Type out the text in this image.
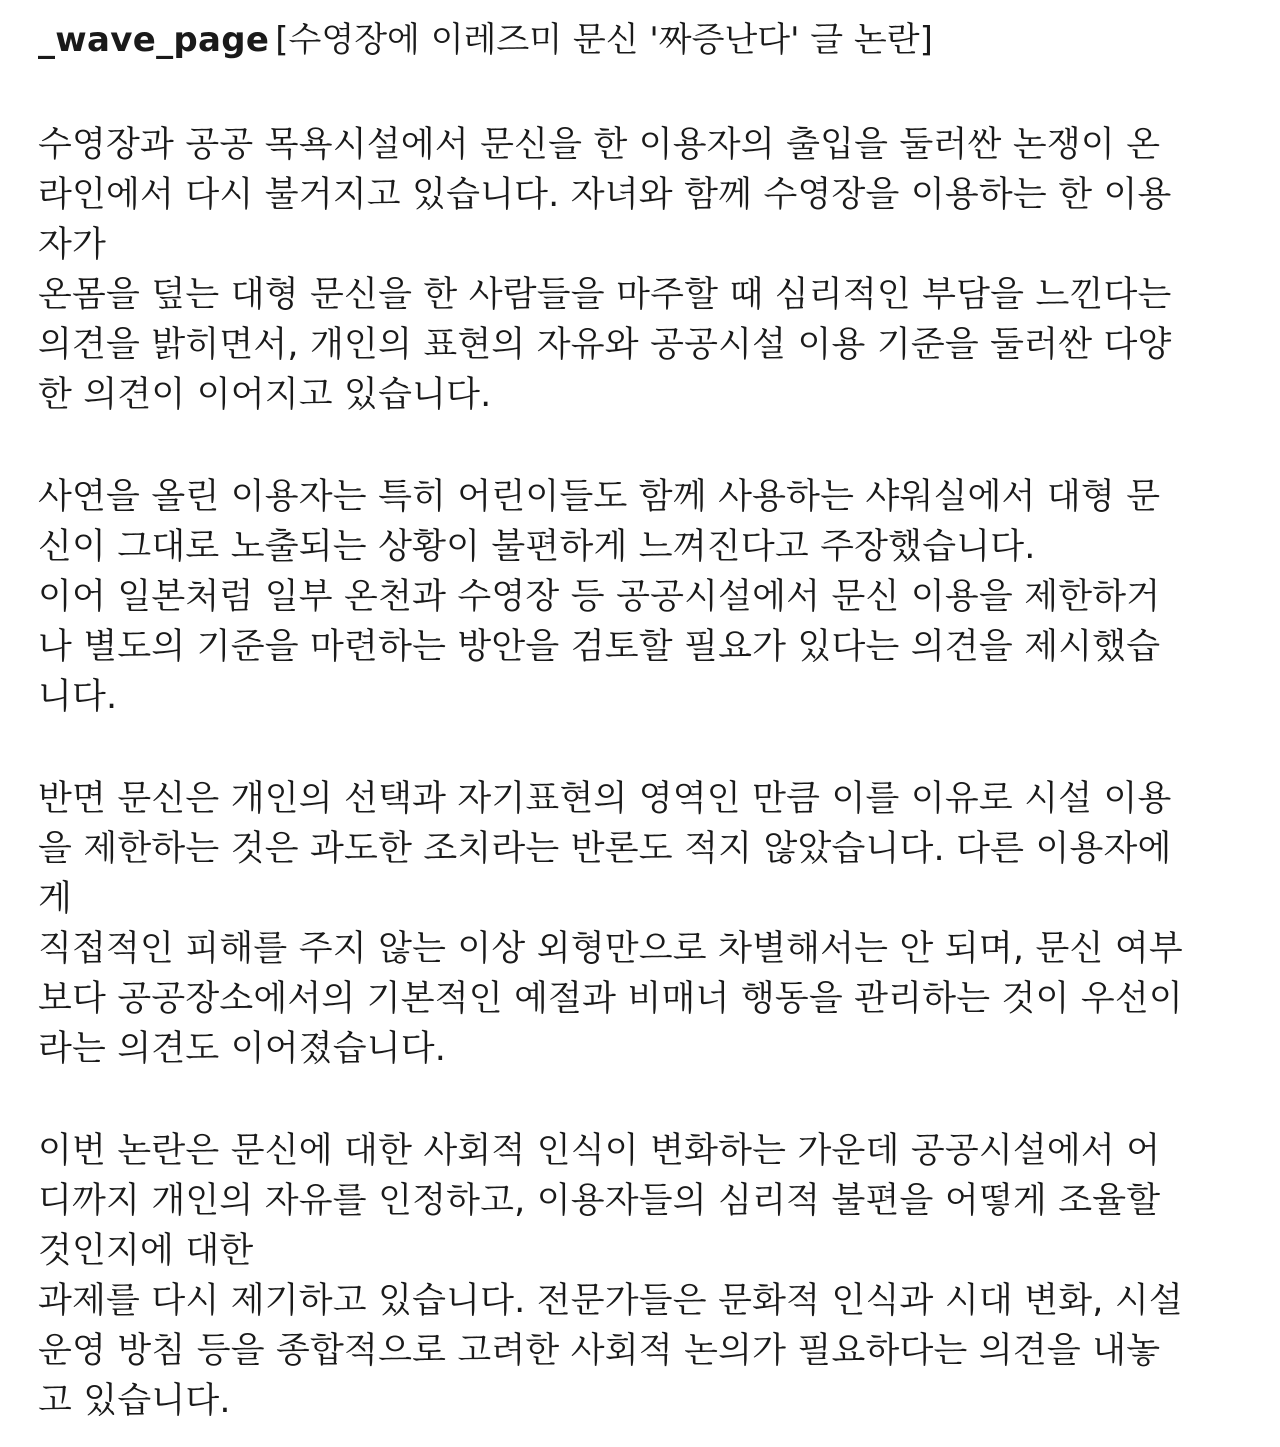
_wave_page [수영장에 이레즈미 문신 '짜증난다' 글 논란]
수영장과 공공 목욕시설에서 문신을 한 이용자의 출입을 둘러싼 논쟁이 온
라인에서 다시 불거지고 있습니다. 자녀와 함께 수영장을 이용하는 한 이용
자가
온몸을 덮는 대형 문신을 한 사람들을 마주할 때 심리적인 부담을 느낀다는
의견을 밝히면서, 개인의 표현의 자유와 공공시설 이용 기준을 둘러싼 다양
한 의견이 이어지고 있습니다.
사연을 올린 이용자는 특히 어린이들도 함께 사용하는 샤워실에서 대형 문
신이 그대로 노출되는 상황이 불편하게 느껴진다고 주장했습니다.
이어 일본처럼 일부 온천과 수영장 등 공공시설에서 문신 이용을 제한하거
나 별도의 기준을 마련하는 방안을 검토할 필요가 있다는 의견을 제시했습
니다.
반면 문신은 개인의 선택과 자기표현의 영역인 만큼 이를 이유로 시설 이용
을 제한하는 것은 과도한 조치라는 반론도 적지 않았습니다. 다른 이용자에
게
직접적인 피해를 주지 않는 이상 외형만으로 차별해서는 안 되며, 문신 여부
보다 공공장소에서의 기본적인 예절과 비매너 행동을 관리하는 것이 우선이
라는 의견도 이어졌습니다.
이번 논란은 문신에 대한 사회적 인식이 변화하는 가운데 공공시설에서 어
디까지 개인의 자유를 인정하고, 이용자들의 심리적 불편을 어떻게 조율할
것인지에 대한
과제를 다시 제기하고 있습니다. 전문가들은 문화적 인식과 시대 변화, 시설
운영 방침 등을 종합적으로 고려한 사회적 논의가 필요하다는 의견을 내놓
고 있습니다.
